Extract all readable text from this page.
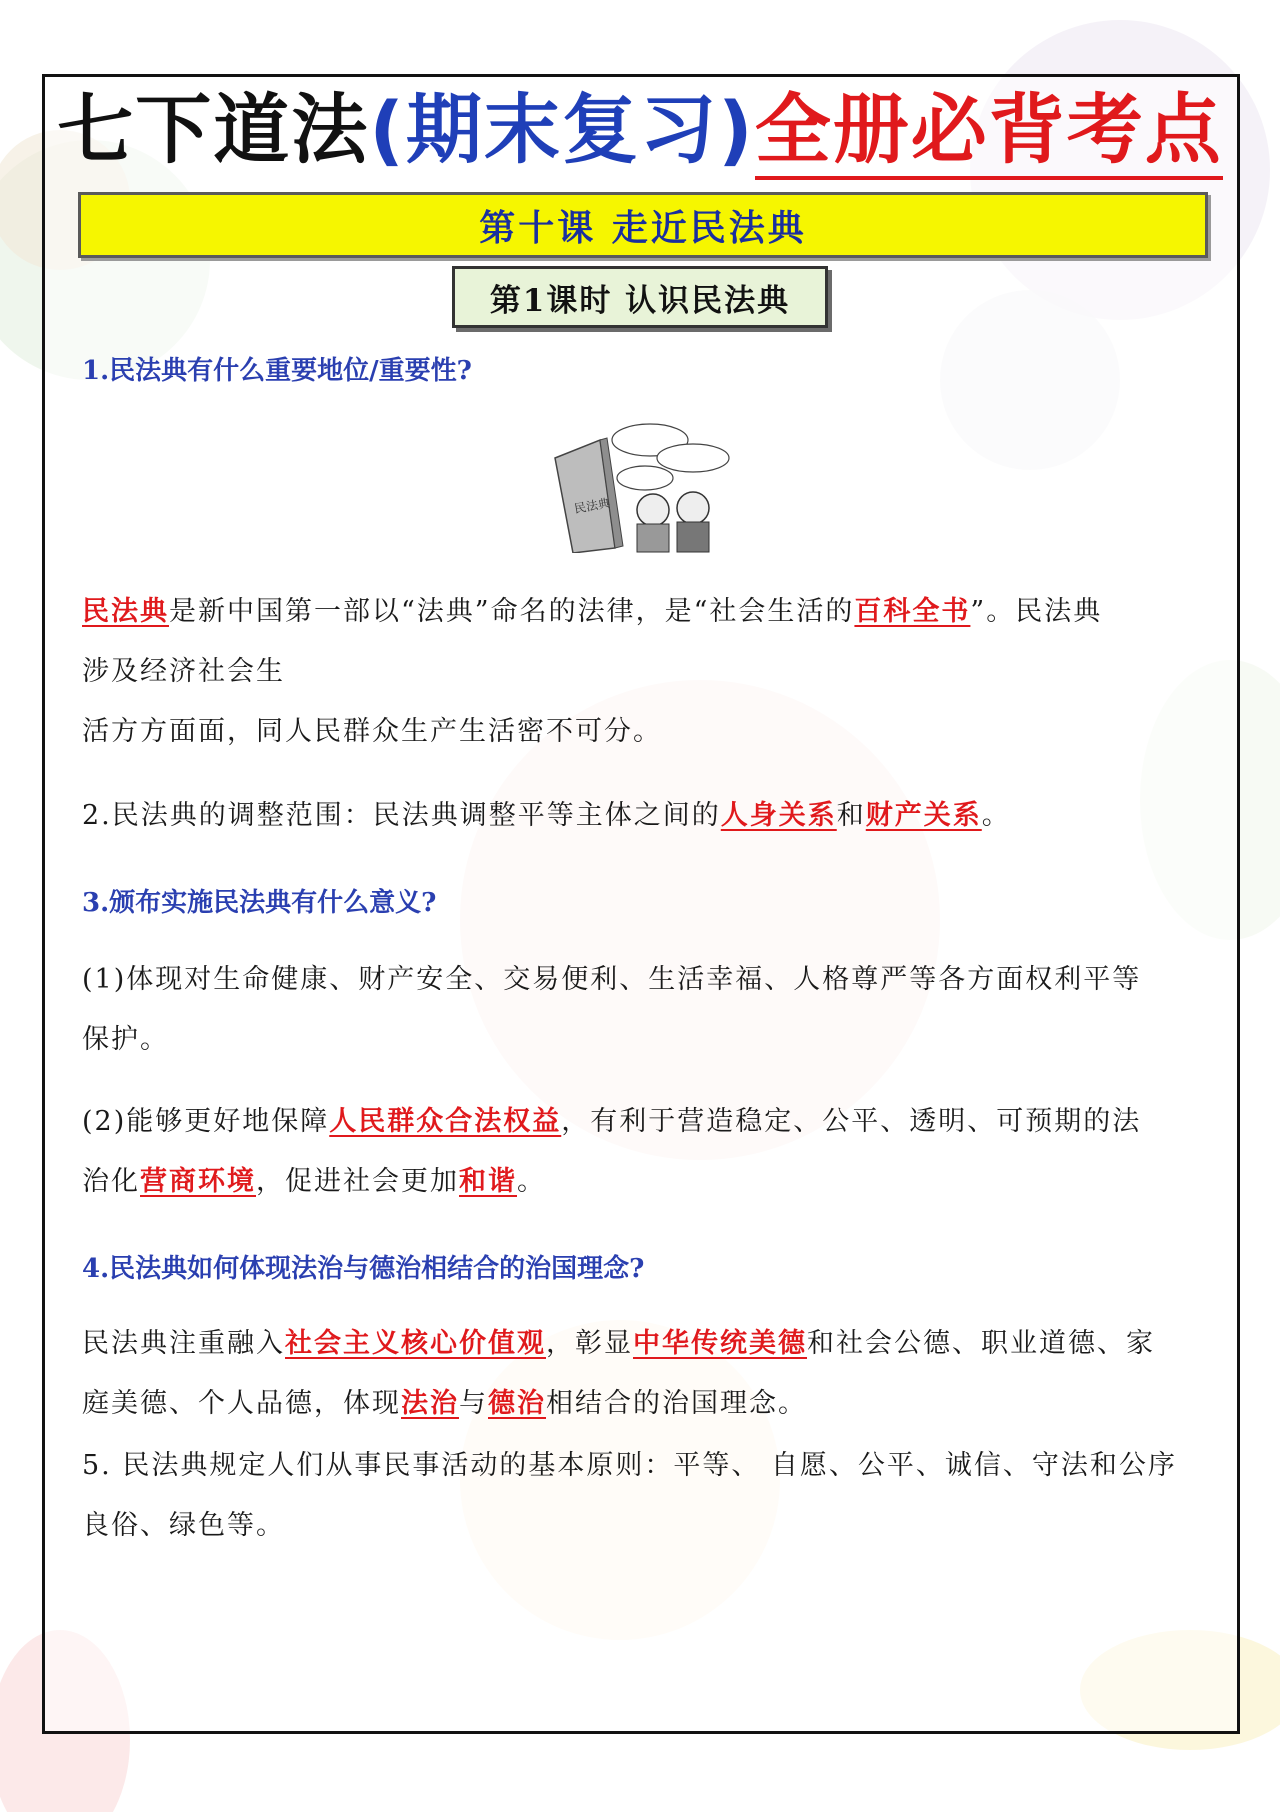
七下道法(期末复习)全册必背考点
第十课 走近民法典
第1课时 认识民法典
1.民法典有什么重要地位/重要性?
民法典
民法典是新中国第一部以“法典”命名的法律，是“社会生活的百科全书”。民法典
涉及经济社会生
活方方面面，同人民群众生产生活密不可分。
2.民法典的调整范围：民法典调整平等主体之间的人身关系和财产关系。
3.颁布实施民法典有什么意义?
(1)体现对生命健康、财产安全、交易便利、生活幸福、人格尊严等各方面权利平等
保护。
(2)能够更好地保障人民群众合法权益，有利于营造稳定、公平、透明、可预期的法
治化营商环境，促进社会更加和谐。
4.民法典如何体现法治与德治相结合的治国理念?
民法典注重融入社会主义核心价值观，彰显中华传统美德和社会公德、职业道德、家
庭美德、个人品德，体现法治与德治相结合的治国理念。
5. 民法典规定人们从事民事活动的基本原则：平等、 自愿、公平、诚信、守法和公序
良俗、绿色等。
